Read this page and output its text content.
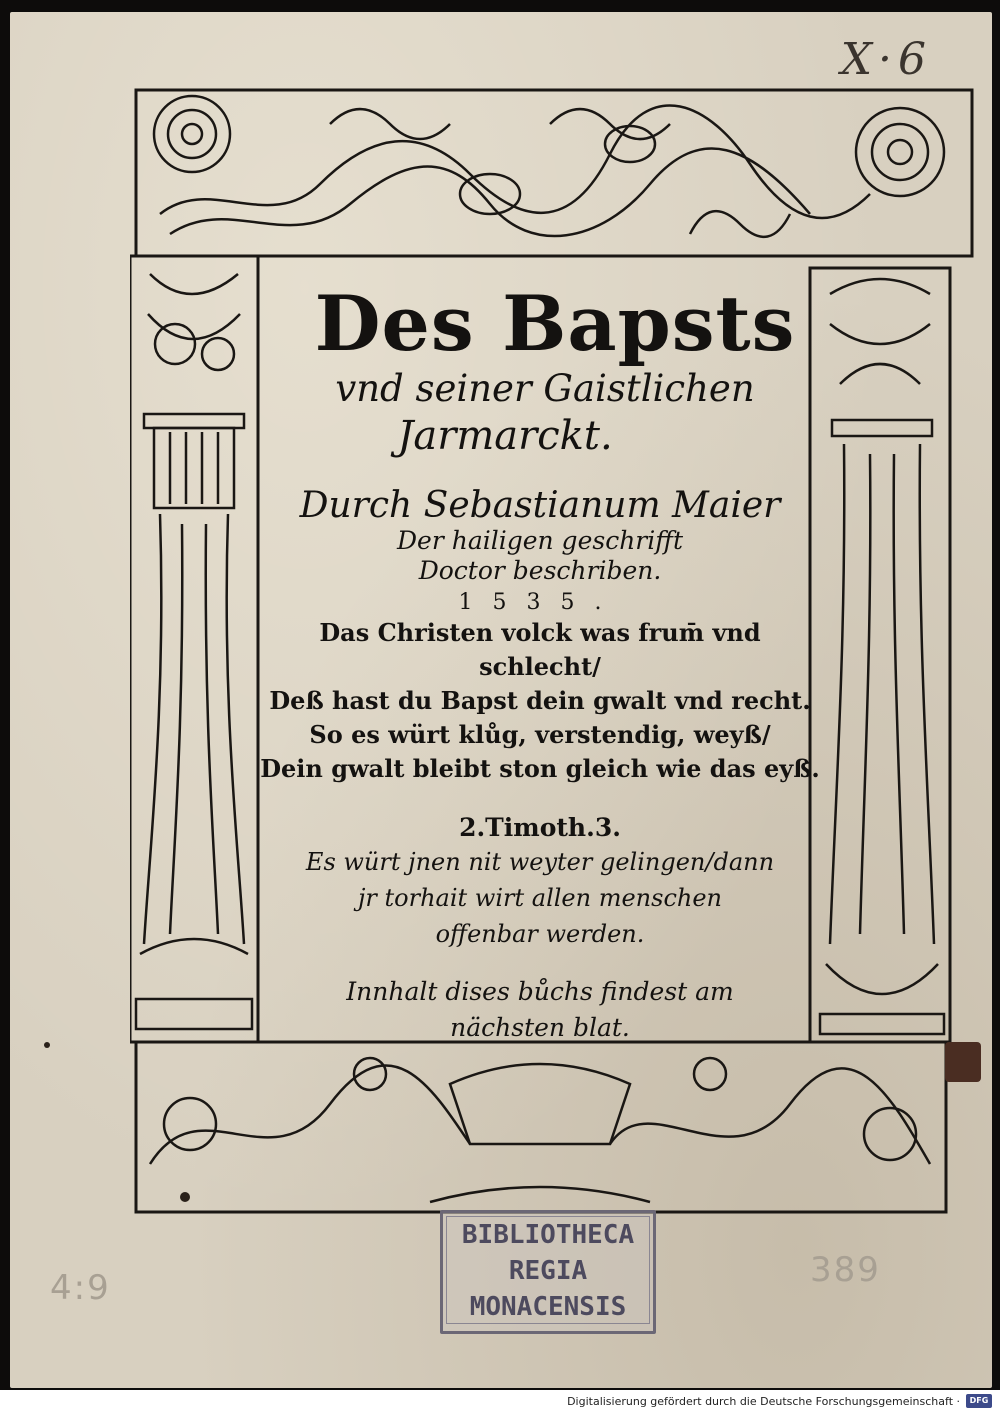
X·6
4:9	389
Des Bapsts
vnd seiner Gaistlichen
Jarmarckt.
Durch Sebastianum Maier
Der hailigen geschrifft
Doctor beschriben.
1535.
Das Christen volck was frum̄ vnd schlecht/
Deß hast du Bapst dein gwalt vnd recht.
So es würt klůg, verstendig, weyß/
Dein gwalt bleibt ston gleich wie das eyß.
2.Timoth.3.
Es würt jnen nit weyter gelingen/dann
jr torhait wirt allen menschen
offenbar werden.
Innhalt dises bůchs findest am
nächsten blat.
BIBLIOTHECA
REGIA
MONACENSIS
Digitalisierung gefördert durch die Deutsche Forschungsgemeinschaft ·	DFG
